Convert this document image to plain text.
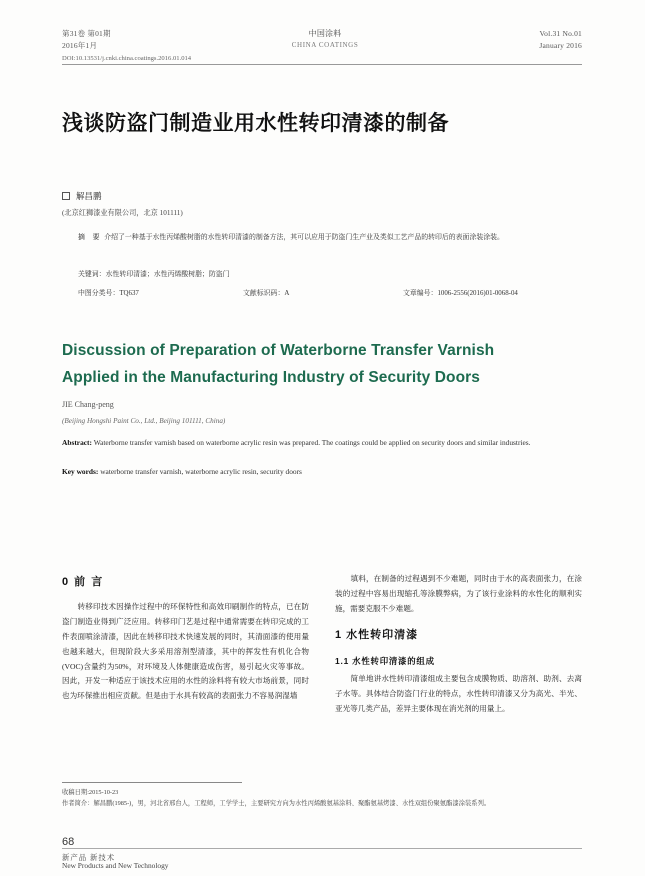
第31卷 第01期
2016年1月
中国涂料
CHINA COATINGS
Vol.31 No.01
January 2016
DOI:10.13531/j.cnki.china.coatings.2016.01.014
浅谈防盗门制造业用水性转印清漆的制备
解昌鹏
(北京红狮漆业有限公司，北京 101111)
摘 要 介绍了一种基于水性丙烯酸树脂的水性转印清漆的制备方法，其可以应用于防盗门生产业及类似工艺产品的转印后的表面涂装涂装。
关键词：水性转印清漆；水性丙烯酸树脂；防盗门
中图分类号：TQ637	文献标识码：A	文章编号：1006-2556(2016)01-0068-04
Discussion of Preparation of Waterborne Transfer Varnish
Applied in the Manufacturing Industry of Security Doors
JIE Chang-peng
(Beijing Hongshi Paint Co., Ltd., Beijing 101111, China)
Abstract: Waterborne transfer varnish based on waterborne acrylic resin was prepared. The coatings could be applied on security doors and similar industries.
Key words: waterborne transfer varnish, waterborne acrylic resin, security doors
0 前 言

转移印技术因操作过程中的环保特性和高效印刷制作的特点，已在防盗门制造业得到广泛应用。转移印门艺是过程中通常需要在转印完成的工件表面喷涂清漆，因此在转移印技术快速发展的同时，其清面漆的使用量也越来越大，但现阶段大多采用溶剂型清漆，其中的挥发性有机化合物(VOC)含量约为50%，对环境及人体健康造成伤害，易引起火灾等事故。因此，开发一种适应于该技术应用的水性的涂料将有较大市场前景，同时也为环保推出相应贡献。但是由于水具有较高的表面张力不容易润湿墙

填料，在制备的过程遇到不少难题，同时由于水的高表面张力，在涂装的过程中容易出现缩孔等涂膜弊病，为了该行业涂料的水性化的顺利实施，需要克服不少难题。

1 水性转印清漆
1.1 水性转印清漆的组成

简单地讲水性转印清漆组成主要包含成膜物质、助溶剂、助剂、去离子水等。具体结合防盗门行业的特点，水性转印清漆又分为高光、半光、亚光等几类产品，差异主要体现在消光剂的用量上。

收稿日期:2015-10-23
作者简介：解昌鹏(1985-)，男，河北省邢台人，工程师，工学学士，主要研究方向为水性丙烯酸氨基涂料、聚酯氨基烤漆、水性双组份聚氨酯漆涂装系列。
68
新产品 新技术
New Products and New Technology
